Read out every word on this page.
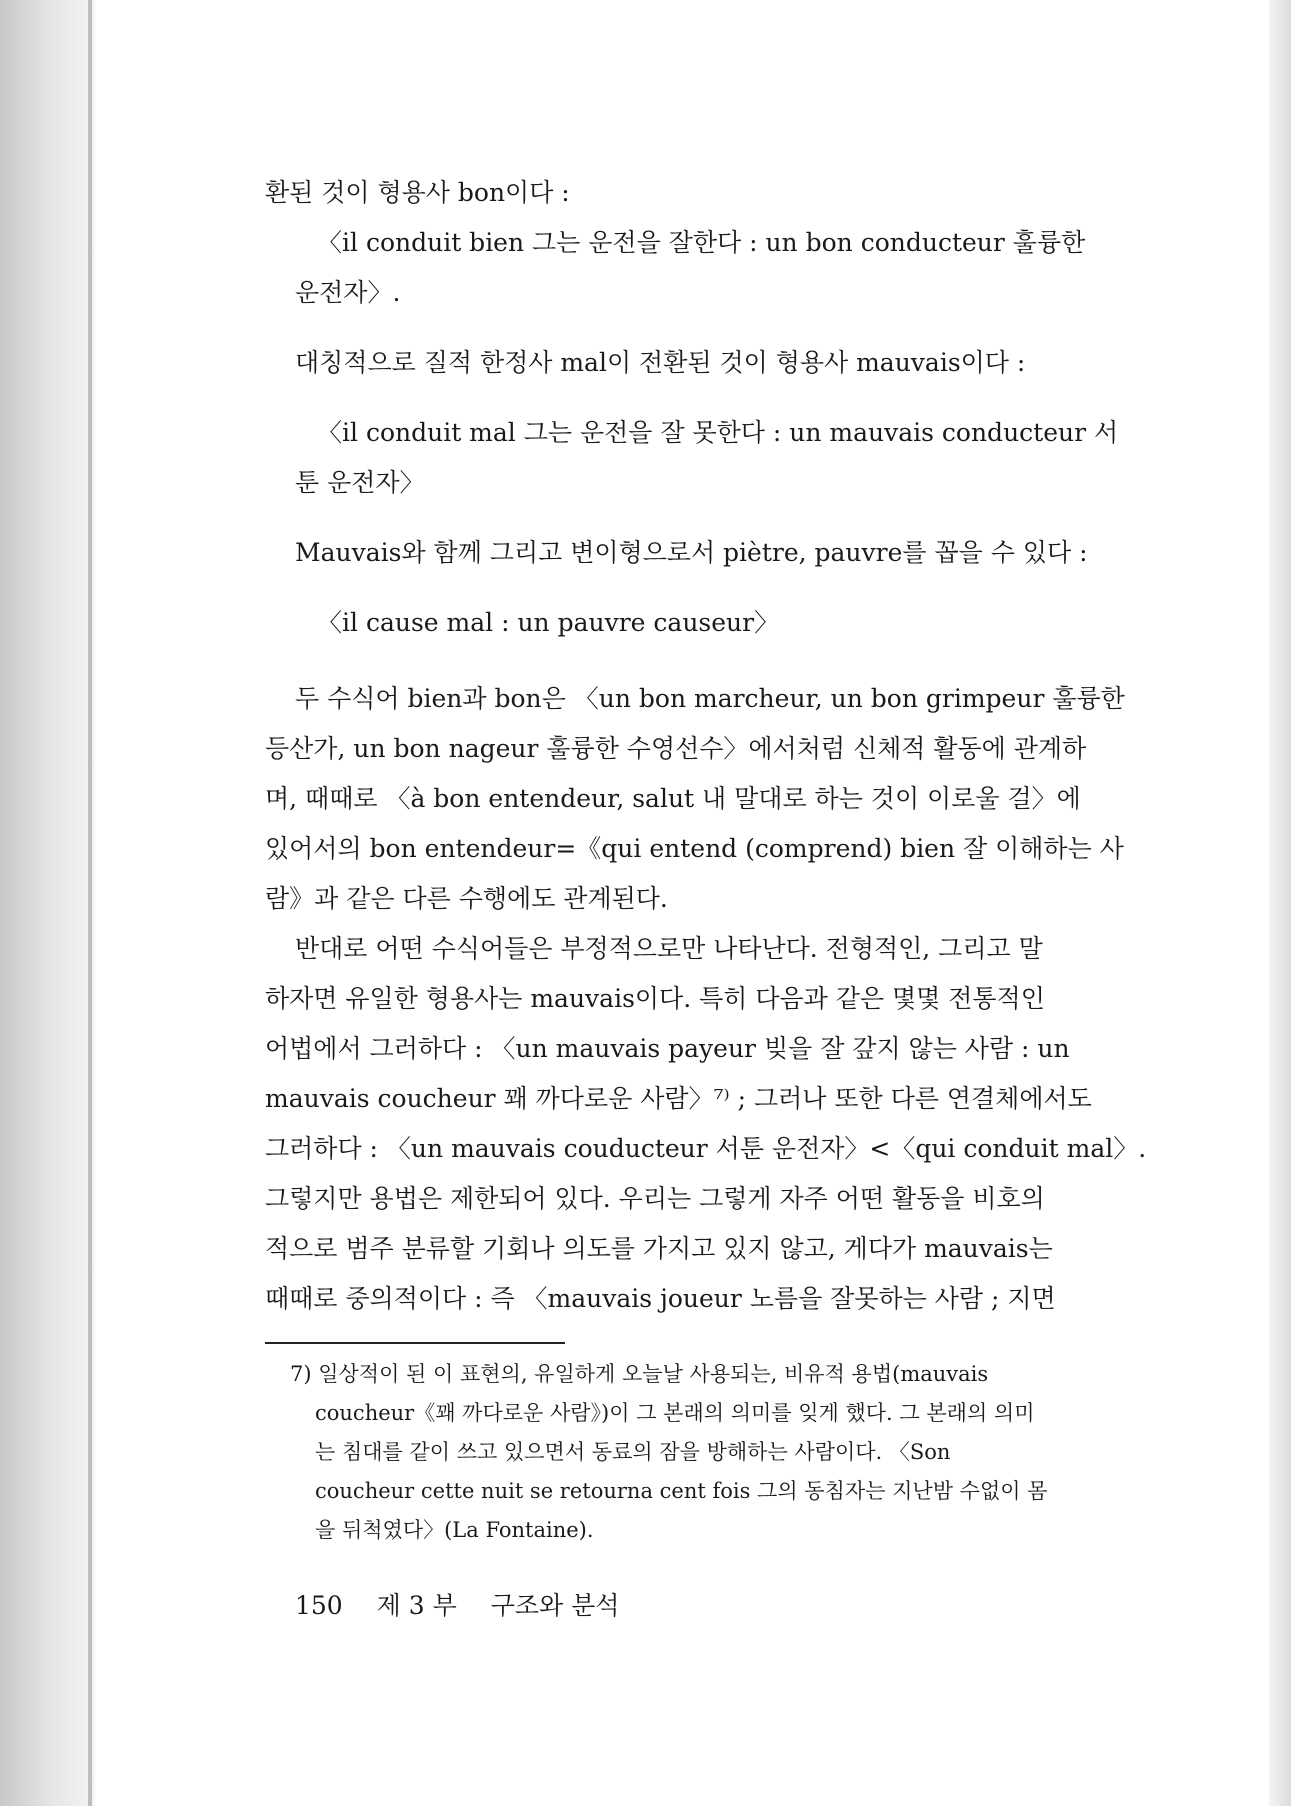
환된 것이 형용사 bon이다 :
〈il conduit bien 그는 운전을 잘한다 : un bon conducteur 훌륭한
운전자〉.
대칭적으로 질적 한정사 mal이 전환된 것이 형용사 mauvais이다 :
〈il conduit mal 그는 운전을 잘 못한다 : un mauvais conducteur 서
툰 운전자〉
Mauvais와 함께 그리고 변이형으로서 piètre, pauvre를 꼽을 수 있다 :
〈il cause mal : un pauvre causeur〉
두 수식어 bien과 bon은 〈un bon marcheur, un bon grimpeur 훌륭한
등산가, un bon nageur 훌륭한 수영선수〉에서처럼 신체적 활동에 관계하
며, 때때로 〈à bon entendeur, salut 내 말대로 하는 것이 이로울 걸〉에
있어서의 bon entendeur=《qui entend (comprend) bien 잘 이해하는 사
람》과 같은 다른 수행에도 관계된다.
반대로 어떤 수식어들은 부정적으로만 나타난다. 전형적인, 그리고 말
하자면 유일한 형용사는 mauvais이다. 특히 다음과 같은 몇몇 전통적인
어법에서 그러하다 : 〈un mauvais payeur 빚을 잘 갚지 않는 사람 : un
mauvais coucheur 꽤 까다로운 사람〉⁷⁾ ; 그러나 또한 다른 연결체에서도
그러하다 : 〈un mauvais couducteur 서툰 운전자〉<〈qui conduit mal〉.
그렇지만 용법은 제한되어 있다. 우리는 그렇게 자주 어떤 활동을 비호의
적으로 범주 분류할 기회나 의도를 가지고 있지 않고, 게다가 mauvais는
때때로 중의적이다 : 즉 〈mauvais joueur 노름을 잘못하는 사람 ; 지면
7) 일상적이 된 이 표현의, 유일하게 오늘날 사용되는, 비유적 용법(mauvais
coucheur《꽤 까다로운 사람》)이 그 본래의 의미를 잊게 했다. 그 본래의 의미
는 침대를 같이 쓰고 있으면서 동료의 잠을 방해하는 사람이다. 〈Son
coucheur cette nuit se retourna cent fois 그의 동침자는 지난밤 수없이 몸
을 뒤척였다〉(La Fontaine).
150 제 3 부 구조와 분석
